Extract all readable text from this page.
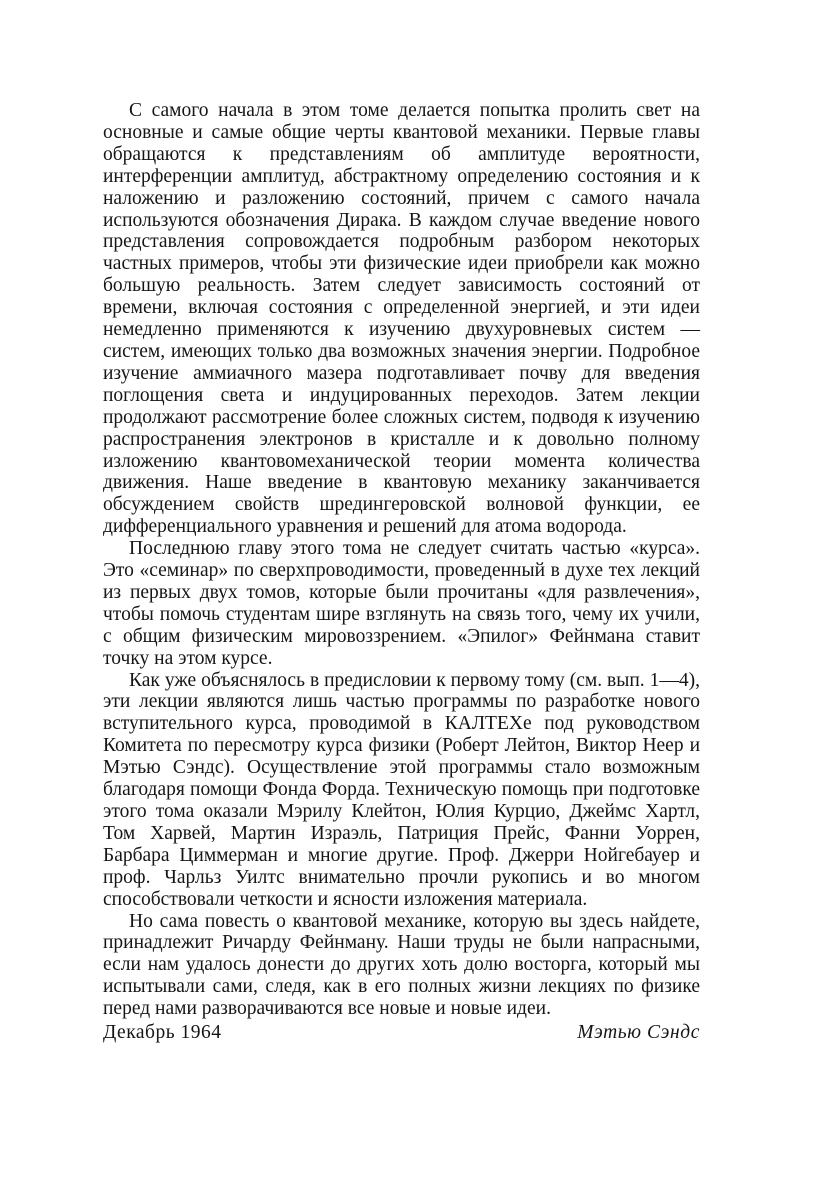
С самого начала в этом томе делается попытка пролить свет на основные и самые общие черты квантовой механики. Первые главы обращаются к представлениям об амплитуде вероятности, интерференции амплитуд, абстрактному определению состояния и к наложению и разложению состояний, причем с самого начала используются обозначения Дирака. В каждом случае введение нового представления сопровождается подробным разбором некоторых частных примеров, чтобы эти физические идеи приобрели как можно большую реальность. Затем следует зависимость состояний от времени, включая состояния с определенной энергией, и эти идеи немедленно применяются к изучению двухуровневых систем — систем, имеющих только два возможных значения энергии. Подробное изучение аммиачного мазера подготавливает почву для введения поглощения света и индуцированных переходов. Затем лекции продолжают рассмотрение более сложных систем, подводя к изучению распространения электронов в кристалле и к довольно полному изложению квантовомеханической теории момента количества движения. Наше введение в квантовую механику заканчивается обсуждением свойств шредингеровской волновой функции, ее дифференциального уравнения и решений для атома водорода.

Последнюю главу этого тома не следует считать частью «курса». Это «семинар» по сверхпроводимости, проведенный в духе тех лекций из первых двух томов, которые были прочитаны «для развлечения», чтобы помочь студентам шире взглянуть на связь того, чему их учили, с общим физическим мировоззрением. «Эпилог» Фейнмана ставит точку на этом курсе.

Как уже объяснялось в предисловии к первому тому (см. вып. 1—4), эти лекции являются лишь частью программы по разработке нового вступительного курса, проводимой в КАЛТЕХе под руководством Комитета по пересмотру курса физики (Роберт Лейтон, Виктор Неер и Мэтью Сэндс). Осуществление этой программы стало возможным благодаря помощи Фонда Форда. Техническую помощь при подготовке этого тома оказали Мэрилу Клейтон, Юлия Курцио, Джеймс Хартл, Том Харвей, Мартин Израэль, Патриция Прейс, Фанни Уоррен, Барбара Циммерман и многие другие. Проф. Джерри Нойгебауер и проф. Чарльз Уилтс внимательно прочли рукопись и во многом способствовали четкости и ясности изложения материала.

Но сама повесть о квантовой механике, которую вы здесь найдете, принадлежит Ричарду Фейнману. Наши труды не были напрасными, если нам удалось донести до других хоть долю восторга, который мы испытывали сами, следя, как в его полных жизни лекциях по физике перед нами разворачиваются все новые и новые идеи.

Декабрь 1964	Мэтью Сэндс
